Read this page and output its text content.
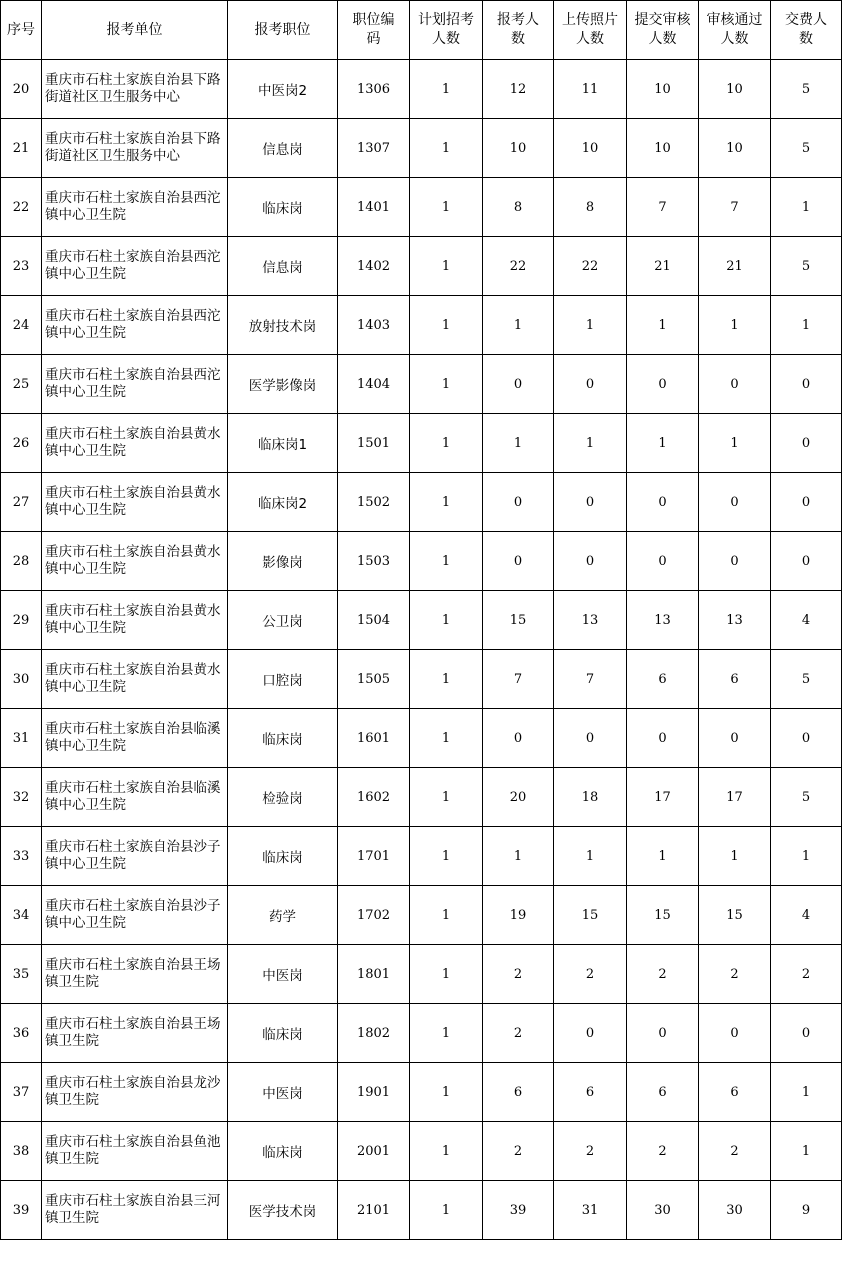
序号	报考单位	报考职位	职位编码	计划招考人数	报考人数	上传照片人数	提交审核人数	审核通过人数	交费人数
20	重庆市石柱土家族自治县下路街道社区卫生服务中心	中医岗2	1306	1	12	11	10	10	5
21	重庆市石柱土家族自治县下路街道社区卫生服务中心	信息岗	1307	1	10	10	10	10	5
22	重庆市石柱土家族自治县西沱镇中心卫生院	临床岗	1401	1	8	8	7	7	1
23	重庆市石柱土家族自治县西沱镇中心卫生院	信息岗	1402	1	22	22	21	21	5
24	重庆市石柱土家族自治县西沱镇中心卫生院	放射技术岗	1403	1	1	1	1	1	1
25	重庆市石柱土家族自治县西沱镇中心卫生院	医学影像岗	1404	1	0	0	0	0	0
26	重庆市石柱土家族自治县黄水镇中心卫生院	临床岗1	1501	1	1	1	1	1	0
27	重庆市石柱土家族自治县黄水镇中心卫生院	临床岗2	1502	1	0	0	0	0	0
28	重庆市石柱土家族自治县黄水镇中心卫生院	影像岗	1503	1	0	0	0	0	0
29	重庆市石柱土家族自治县黄水镇中心卫生院	公卫岗	1504	1	15	13	13	13	4
30	重庆市石柱土家族自治县黄水镇中心卫生院	口腔岗	1505	1	7	7	6	6	5
31	重庆市石柱土家族自治县临溪镇中心卫生院	临床岗	1601	1	0	0	0	0	0
32	重庆市石柱土家族自治县临溪镇中心卫生院	检验岗	1602	1	20	18	17	17	5
33	重庆市石柱土家族自治县沙子镇中心卫生院	临床岗	1701	1	1	1	1	1	1
34	重庆市石柱土家族自治县沙子镇中心卫生院	药学	1702	1	19	15	15	15	4
35	重庆市石柱土家族自治县王场镇卫生院	中医岗	1801	1	2	2	2	2	2
36	重庆市石柱土家族自治县王场镇卫生院	临床岗	1802	1	2	0	0	0	0
37	重庆市石柱土家族自治县龙沙镇卫生院	中医岗	1901	1	6	6	6	6	1
38	重庆市石柱土家族自治县鱼池镇卫生院	临床岗	2001	1	2	2	2	2	1
39	重庆市石柱土家族自治县三河镇卫生院	医学技术岗	2101	1	39	31	30	30	9
